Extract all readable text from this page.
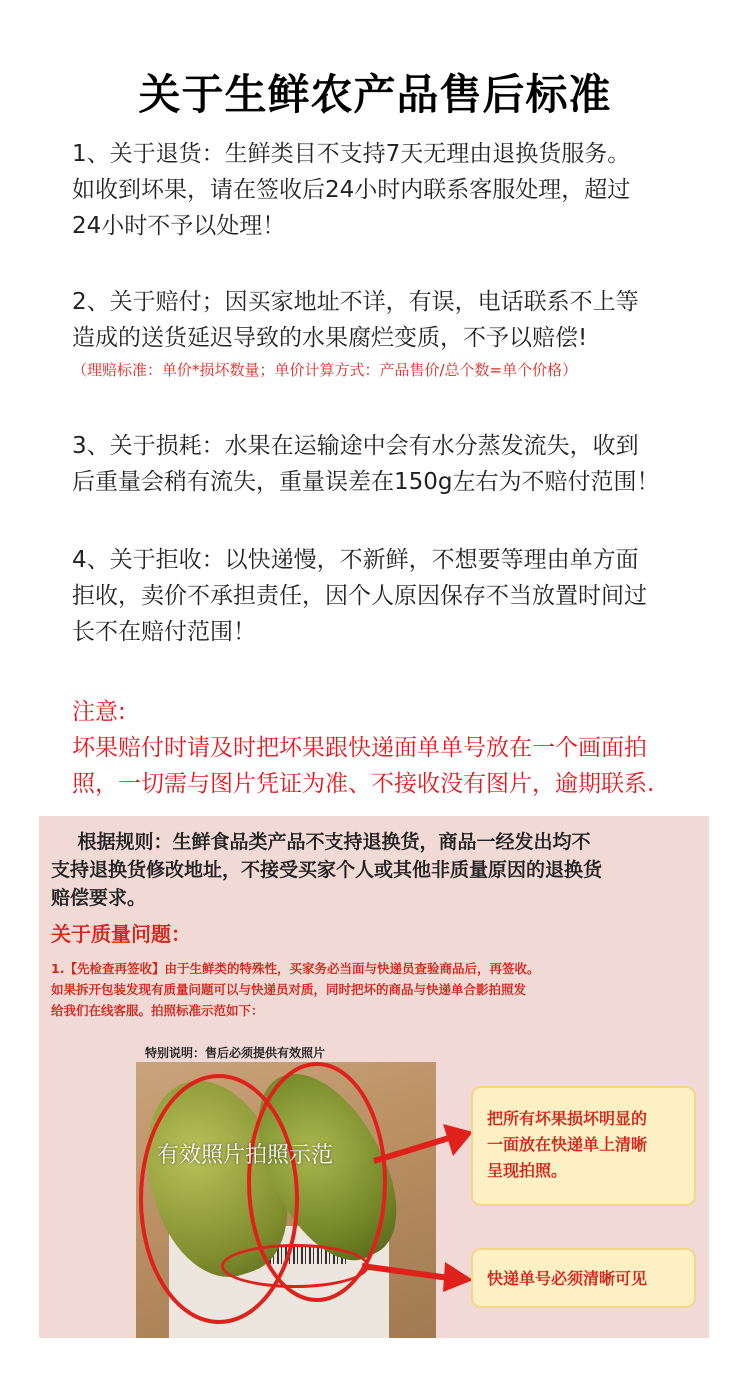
关于生鲜农产品售后标准
1、关于退货：生鲜类目不支持7天无理由退换货服务。
如收到坏果，请在签收后24小时内联系客服处理，超过
24小时不予以处理！
2、关于赔付；因买家地址不详，有误，电话联系不上等
造成的送货延迟导致的水果腐烂变质，不予以赔偿!
（理赔标准：单价*损坏数量；单价计算方式：产品售价/总个数=单个价格）
3、关于损耗：水果在运输途中会有水分蒸发流失，收到
后重量会稍有流失，重量误差在150g左右为不赔付范围！
4、关于拒收：以快递慢，不新鲜，不想要等理由单方面
拒收，卖价不承担责任，因个人原因保存不当放置时间过
长不在赔付范围！
注意:
坏果赔付时请及时把坏果跟快递面单单号放在一个画面拍
照，一切需与图片凭证为准、不接收没有图片，逾期联系.
根据规则：生鲜食品类产品不支持退换货，商品一经发出均不
支持退换货修改地址，不接受买家个人或其他非质量原因的退换货
赔偿要求。
关于质量问题：
1.【先检查再签收】由于生鲜类的特殊性，买家务必当面与快递员查验商品后，再签收。
如果拆开包装发现有质量问题可以与快递员对质，同时把坏的商品与快递单合影拍照发
给我们在线客服。拍照标准示范如下：
特别说明：售后必须提供有效照片
有效照片拍照示范
把所有坏果损坏明显的
一面放在快递单上清晰
呈现拍照。
快递单号必须清晰可见
